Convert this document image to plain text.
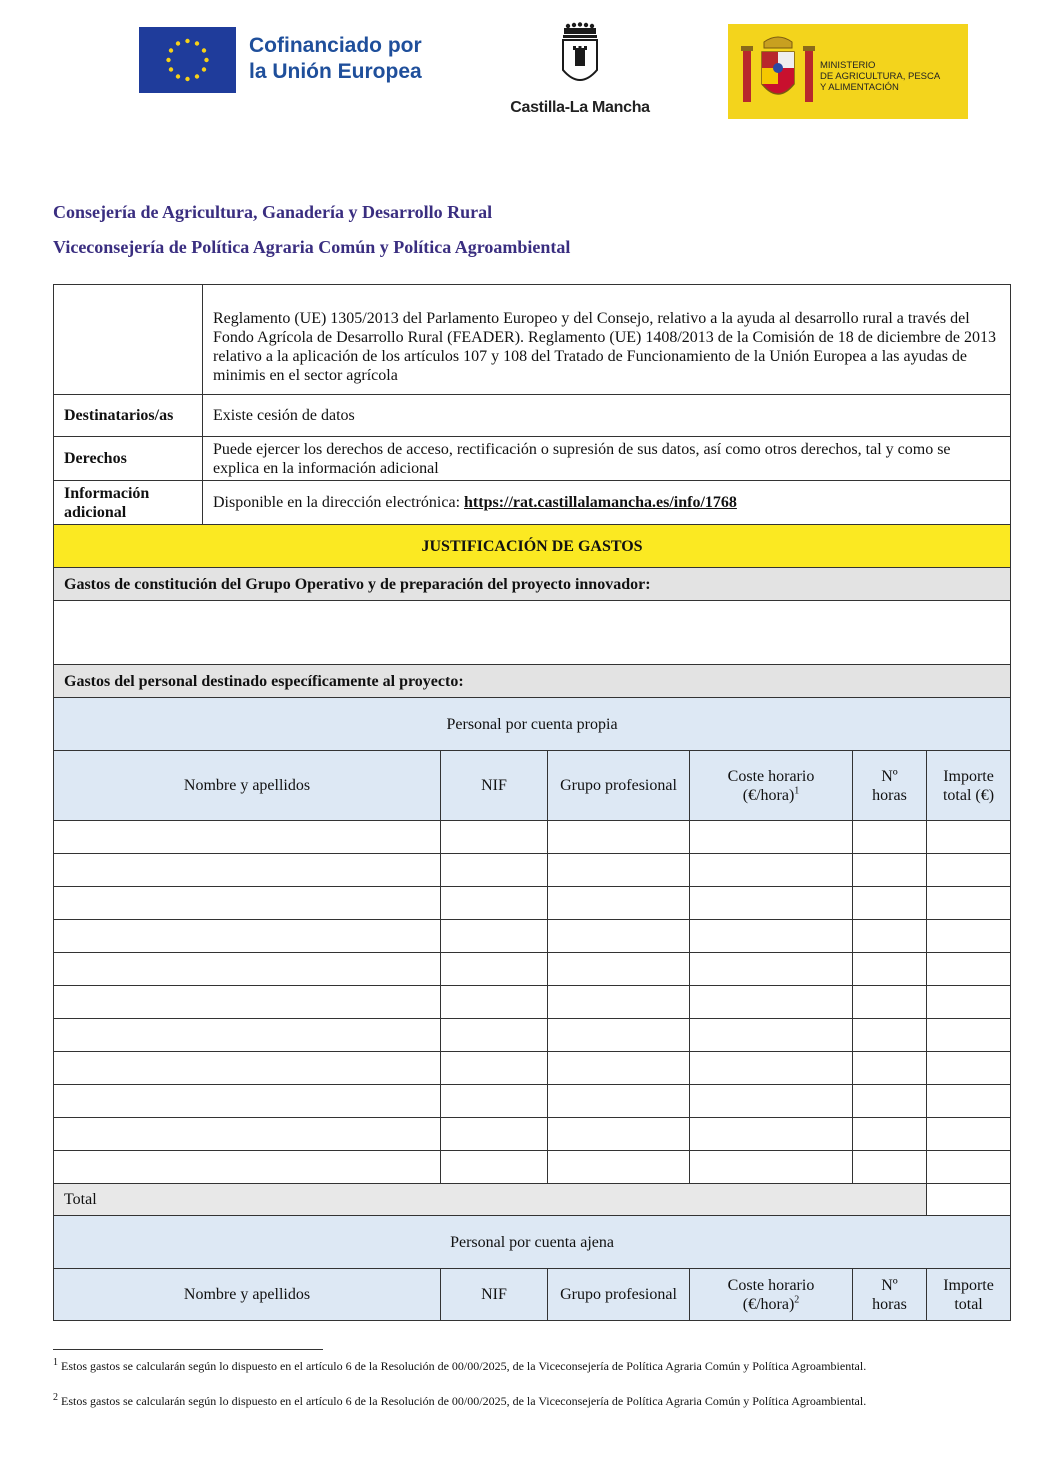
Cofinanciado por
la Unión Europea
Castilla-La Mancha
MINISTERIO
DE AGRICULTURA, PESCA
Y ALIMENTACIÓN
Consejería de Agricultura, Ganadería y Desarrollo Rural
Viceconsejería de Política Agraria Común y Política Agroambiental
	Reglamento (UE) 1305/2013 del Parlamento Europeo y del Consejo, relativo a la ayuda al desarrollo rural a través del Fondo Agrícola de Desarrollo Rural (FEADER). Reglamento (UE) 1408/2013 de la Comisión de 18 de diciembre de 2013 relativo a la aplicación de los artículos 107 y 108 del Tratado de Funcionamiento de la Unión Europea a las ayudas de minimis en el sector agrícola					
Destinatarios/as	Existe cesión de datos					
Derechos	Puede ejercer los derechos de acceso, rectificación o supresión de sus datos, así como otros derechos, tal y como se explica en la información adicional					
Información adicional	Disponible en la dirección electrónica: https://rat.castillalamancha.es/info/1768					
JUSTIFICACIÓN DE GASTOS						
Gastos de constitución del Grupo Operativo y de preparación del proyecto innovador:						

Gastos del personal destinado específicamente al proyecto:						
Personal por cuenta propia						
Nombre y apellidos		NIF	Grupo profesional	Coste horario (€/hora)$^1$	Nº horas	Importe total (€)

Total						
Personal por cuenta ajena						
Nombre y apellidos		NIF	Grupo profesional	Coste horario (€/hora)$^2$	Nº horas	Importe total
$^1$ Estos gastos se calcularán según lo dispuesto en el artículo 6 de la Resolución de 00/00/2025, de la Viceconsejería de Política Agraria Común y Política Agroambiental.
$^2$ Estos gastos se calcularán según lo dispuesto en el artículo 6 de la Resolución de 00/00/2025, de la Viceconsejería de Política Agraria Común y Política Agroambiental.
